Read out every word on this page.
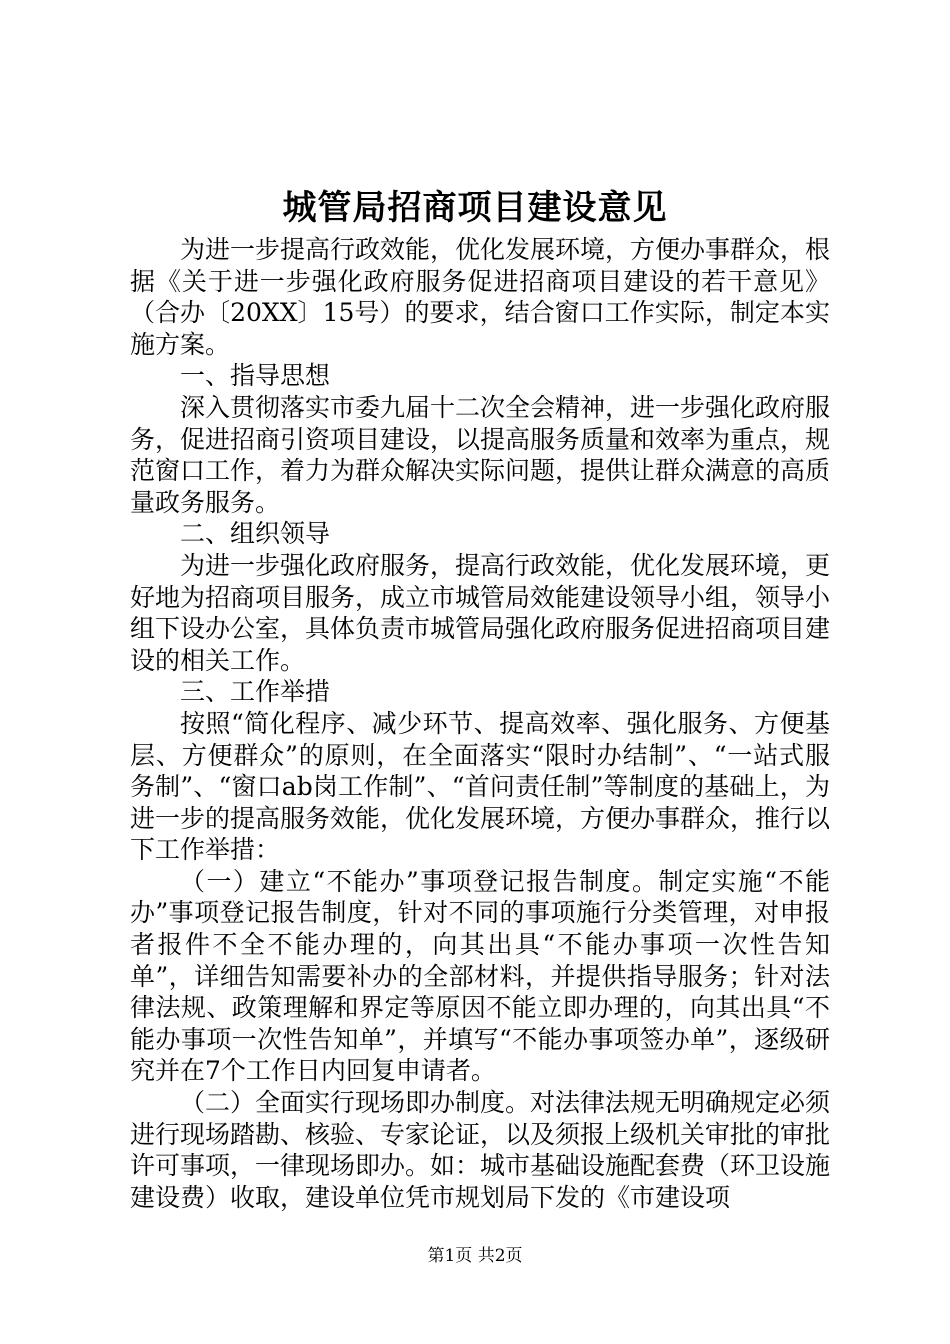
城管局招商项目建设意见

为进一步提高行政效能，优化发展环境，方便办事群众，根据《关于进一步强化政府服务促进招商项目建设的若干意见》（合办〔20XX〕15号）的要求，结合窗口工作实际，制定本实施方案。

一、指导思想

深入贯彻落实市委九届十二次全会精神，进一步强化政府服务，促进招商引资项目建设，以提高服务质量和效率为重点，规范窗口工作，着力为群众解决实际问题，提供让群众满意的高质量政务服务。

二、组织领导

为进一步强化政府服务，提高行政效能，优化发展环境，更好地为招商项目服务，成立市城管局效能建设领导小组，领导小组下设办公室，具体负责市城管局强化政府服务促进招商项目建设的相关工作。

三、工作举措

按照“简化程序、减少环节、提高效率、强化服务、方便基层、方便群众”的原则，在全面落实“限时办结制”、“一站式服务制”、“窗口ab岗工作制”、“首问责任制”等制度的基础上，为进一步的提高服务效能，优化发展环境，方便办事群众，推行以下工作举措：

（一）建立“不能办”事项登记报告制度。制定实施“不能办”事项登记报告制度，针对不同的事项施行分类管理，对申报者报件不全不能办理的，向其出具“不能办事项一次性告知单”，详细告知需要补办的全部材料，并提供指导服务；针对法律法规、政策理解和界定等原因不能立即办理的，向其出具“不能办事项一次性告知单”，并填写“不能办事项签办单”，逐级研究并在7个工作日内回复申请者。

（二）全面实行现场即办制度。对法律法规无明确规定必须进行现场踏勘、核验、专家论证，以及须报上级机关审批的审批许可事项，一律现场即办。如：城市基础设施配套费（环卫设施建设费）收取，建设单位凭市规划局下发的《市建设项

第1页 共2页
